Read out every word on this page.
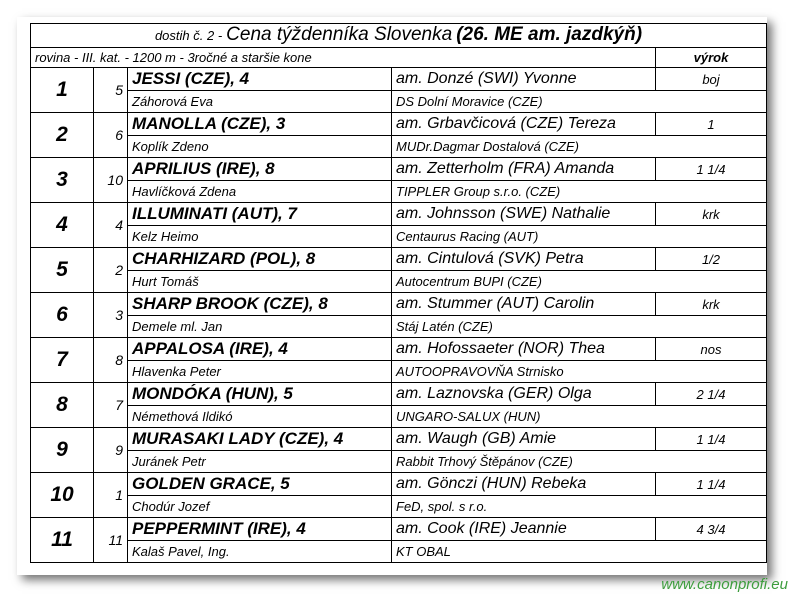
dostih č. 2 - Cena týždenníka Slovenka (26. ME am. jazdkýň)				
rovina - III. kat. - 1200 m - 3ročné a staršie kone				výrok
1	5	JESSI (CZE), 4	am. Donzé (SWI) Yvonne	boj
		Záhorová Eva	DS Dolní Moravice (CZE)	
2	6	MANOLLA (CZE), 3	am. Grbavčicová (CZE) Tereza	1
		Koplík Zdeno	MUDr.Dagmar Dostalová (CZE)	
3	10	APRILIUS (IRE), 8	am. Zetterholm (FRA) Amanda	1 1/4
		Havlíčková Zdena	TIPPLER Group s.r.o. (CZE)	
4	4	ILLUMINATI (AUT), 7	am. Johnsson (SWE) Nathalie	krk
		Kelz Heimo	Centaurus Racing (AUT)	
5	2	CHARHIZARD (POL), 8	am. Cintulová (SVK) Petra	1/2
		Hurt Tomáš	Autocentrum BUPI (CZE)	
6	3	SHARP BROOK (CZE), 8	am. Stummer (AUT) Carolin	krk
		Demele ml. Jan	Stáj Latén (CZE)	
7	8	APPALOSA (IRE), 4	am. Hofossaeter (NOR) Thea	nos
		Hlavenka Peter	AUTOOPRAVOVŇA Strnisko	
8	7	MONDÓKA (HUN), 5	am. Laznovska (GER) Olga	2 1/4
		Némethová Ildikó	UNGARO-SALUX (HUN)	
9	9	MURASAKI LADY (CZE), 4	am. Waugh (GB) Amie	1 1/4
		Juránek Petr	Rabbit Trhový Štěpánov (CZE)	
10	1	GOLDEN GRACE, 5	am. Gönczi (HUN) Rebeka	1 1/4
		Chodúr Jozef	FeD, spol. s r.o.	
11	11	PEPPERMINT (IRE), 4	am. Cook (IRE) Jeannie	4 3/4
		Kalaš Pavel, Ing.	KT OBAL	
www.canonprofi.eu
